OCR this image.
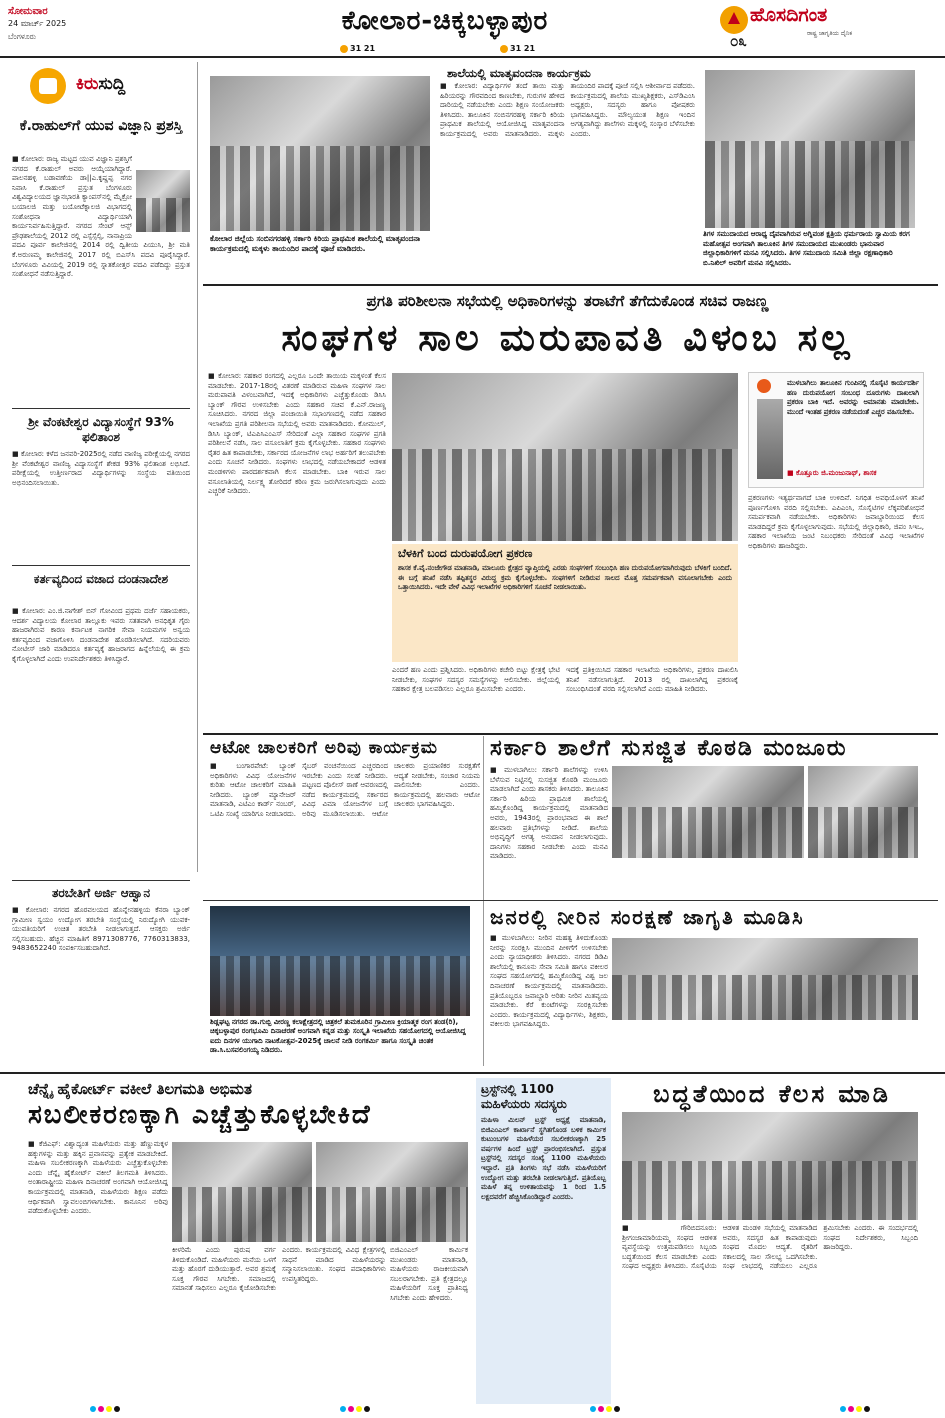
ಸೋಮವಾರ
24 ಮಾರ್ಚ್ 2025
ಬೆಂಗಳೂರು
ಕೋಲಾರ-ಚಿಕ್ಕಬಳ್ಳಾಪುರ
31 21	31 21
ಹೊಸದಿಗಂತ
ರಾಷ್ಟ್ರ ಜಾಗೃತಿಯ ದೈನಿಕ
೦೩
ಕಿರುಸುದ್ದಿ
ಕೆ.ರಾಹುಲ್‌ಗೆ ಯುವ ವಿಜ್ಞಾನಿ ಪ್ರಶಸ್ತಿ
■ ಕೋಲಾರ: ರಾಜ್ಯ ಮಟ್ಟದ ಯುವ ವಿಜ್ಞಾನಿ ಪ್ರಶಸ್ತಿಗೆ ನಗರದ ಕೆ.ರಾಹುಲ್ ಅವರು ಆಯ್ಕೆಯಾಗಿದ್ದಾರೆ. ಪಾಲನಹಳ್ಳಿ ಬಡಾವಣೆಯ ಡಾ||ಎ.ಕೃಷ್ಣಪ್ಪ ನಗರ ನಿವಾಸಿ ಕೆ.ರಾಹುಲ್ ಪ್ರಸ್ತುತ ಬೆಂಗಳೂರು ವಿಶ್ವವಿದ್ಯಾಲಯದ ಜ್ಞಾನಭಾರತಿ ಕ್ಯಾಂಪಸ್‌ನಲ್ಲಿ ಮೈಕ್ರೋ ಬಯಾಲಜಿ ಮತ್ತು ಬಯೋಟೆಕ್ನಾಲಜಿ ವಿಭಾಗದಲ್ಲಿ ಸಂಶೋಧನಾ ವಿದ್ಯಾರ್ಥಿಯಾಗಿ ಕಾರ್ಯನಿರ್ವಹಿಸುತ್ತಿದ್ದಾರೆ. ನಗರದ ಸೇಂಟ್ ಆನ್ಸ್ ಪ್ರೌಢಶಾಲೆಯಲ್ಲಿ 2012 ರಲ್ಲಿ ಎಸ್ಸೆಸ್ಸೆಲ್ಸಿ, ನಾನಾಪ್ರಿಯ ಪದವಿ ಪೂರ್ವ ಕಾಲೇಜಿನಲ್ಲಿ 2014 ರಲ್ಲಿ ದ್ವಿತೀಯ ಪಿಯುಸಿ, ಶ್ರೀ ಮತಿ ಕೆ.ಅರುಣಮ್ಮ ಕಾಲೇಜಿನಲ್ಲಿ 2017 ರಲ್ಲಿ ಬಿಎಸ್‌ಸಿ ಪದವಿ ಪೂರೈಸಿದ್ದಾರೆ. ಬೆಂಗಳೂರು ವಿವಿಯಲ್ಲಿ 2019 ರಲ್ಲಿ ಸ್ನಾತಕೋತ್ತರ ಪದವಿ ಪಡೆದಿದ್ದು ಪ್ರಸ್ತುತ ಸಂಶೋಧನೆ ನಡೆಸುತ್ತಿದ್ದಾರೆ.
ಶ್ರೀ ವೆಂಕಟೇಶ್ವರ ವಿದ್ಯಾಸಂಸ್ಥೆಗೆ 93% ಫಲಿತಾಂಶ
■ ಕೋಲಾರ: ಕಳೆದ ಜನವರಿ-2025ರಲ್ಲಿ ನಡೆದ ವಾಣಿಜ್ಯ ಪರೀಕ್ಷೆಯಲ್ಲಿ ನಗರದ ಶ್ರೀ ವೆಂಕಟೇಶ್ವರ ವಾಣಿಜ್ಯ ವಿದ್ಯಾಸಂಸ್ಥೆಗೆ ಶೇಕಡ 93% ಫಲಿತಾಂಶ ಲಭಿಸಿದೆ. ಪರೀಕ್ಷೆಯಲ್ಲಿ ಉತ್ತೀರ್ಣರಾದ ವಿದ್ಯಾರ್ಥಿಗಳನ್ನು ಸಂಸ್ಥೆಯ ವತಿಯಿಂದ ಅಭಿನಂದಿಸಲಾಯಿತು.
ಕರ್ತವ್ಯದಿಂದ ವಜಾದ ದಂಡನಾದೇಶ
■ ಕೋಲಾರ: ಎಂ.ಜಿ.ನಾಗೇಶ್ ಬಿನ್ ಗೋವಿಂದ ಪ್ರಥಮ ದರ್ಜೆ ಸಹಾಯಕರು, ಆದರ್ಶ ವಿದ್ಯಾಲಯ ಕೋಲಾರ ತಾಲ್ಲೂಕು ಇವರು ಸತತವಾಗಿ ಅನಧಿಕೃತ ಗೈರು ಹಾಜರಾಗಿರುವ ಕಾರಣ ಕರ್ನಾಟಕ ನಾಗರಿಕ ಸೇವಾ ನಿಯಮಗಳ ಅನ್ವಯ ಕರ್ತವ್ಯದಿಂದ ವಜಾಗೊಳಿಸಿ ದಂಡನಾದೇಶ ಹೊರಡಿಸಲಾಗಿದೆ. ಸದರಿಯವರು ನೋಟೀಸ್ ಜಾರಿ ಮಾಡಿದರೂ ಕರ್ತವ್ಯಕ್ಕೆ ಹಾಜರಾಗದ ಹಿನ್ನೆಲೆಯಲ್ಲಿ ಈ ಕ್ರಮ ಕೈಗೊಳ್ಳಲಾಗಿದೆ ಎಂದು ಉಪನಿರ್ದೇಶಕರು ತಿಳಿಸಿದ್ದಾರೆ.
ತರಬೇತಿಗೆ ಅರ್ಜಿ ಆಹ್ವಾನ
■ ಕೋಲಾರ: ನಗರದ ಹೊರವಲಯದ ಹೊನ್ನೇನಹಳ್ಳಿಯ ಕೆನರಾ ಬ್ಯಾಂಕ್ ಗ್ರಾಮೀಣ ಸ್ವಯಂ ಉದ್ಯೋಗ ತರಬೇತಿ ಸಂಸ್ಥೆಯಲ್ಲಿ ನಿರುದ್ಯೋಗಿ ಯುವಕ-ಯುವತಿಯರಿಗೆ ಉಚಿತ ತರಬೇತಿ ನೀಡಲಾಗುತ್ತದೆ. ಆಸಕ್ತರು ಅರ್ಜಿ ಸಲ್ಲಿಸಬಹುದು. ಹೆಚ್ಚಿನ ಮಾಹಿತಿಗೆ 8971308776, 7760313833, 9483652240 ಸಂಪರ್ಕಿಸಬಹುದಾಗಿದೆ.
ಕೋಲಾರ ಜಿಲ್ಲೆಯ ಸಂಬಿನಗರಹಳ್ಳಿ ಸರ್ಕಾರಿ ಕಿರಿಯ ಪ್ರಾಥಮಿಕ ಶಾಲೆಯಲ್ಲಿ ಮಾತೃವಂದನಾ ಕಾರ್ಯಕ್ರಮದಲ್ಲಿ ಮಕ್ಕಳು ತಾಯಂದಿರ ಪಾದಕ್ಕೆ ಪೂಜೆ ಮಾಡಿದರು.
ಶಾಲೆಯಲ್ಲಿ ಮಾತೃವಂದನಾ ಕಾರ್ಯಕ್ರಮ
■ ಕೋಲಾರ: ವಿದ್ಯಾರ್ಥಿಗಳ ತಂದೆ ತಾಯಿ ಮತ್ತು ಹಿರಿಯರನ್ನು ಗೌರವದಿಂದ ಕಾಣಬೇಕು, ಗುರುಗಳ ಹೇಳಿದ ದಾರಿಯಲ್ಲಿ ನಡೆಯಬೇಕು ಎಂದು ಶಿಕ್ಷಣ ಸಂಯೋಜಕರು ತಿಳಿಸಿದರು. ತಾಲೂಕಿನ ಸಂಬಿನಗರಹಳ್ಳಿ ಸರ್ಕಾರಿ ಕಿರಿಯ ಪ್ರಾಥಮಿಕ ಶಾಲೆಯಲ್ಲಿ ಆಯೋಜಿಸಿದ್ದ ಮಾತೃವಂದನಾ ಕಾರ್ಯಕ್ರಮದಲ್ಲಿ ಅವರು ಮಾತನಾಡಿದರು. ಮಕ್ಕಳು ತಾಯಂದಿರ ಪಾದಕ್ಕೆ ಪೂಜೆ ಸಲ್ಲಿಸಿ ಆಶೀರ್ವಾದ ಪಡೆದರು. ಕಾರ್ಯಕ್ರಮದಲ್ಲಿ ಶಾಲೆಯ ಮುಖ್ಯಶಿಕ್ಷಕರು, ಎಸ್‌ಡಿಎಂಸಿ ಅಧ್ಯಕ್ಷರು, ಸದಸ್ಯರು ಹಾಗೂ ಪೋಷಕರು ಭಾಗವಹಿಸಿದ್ದರು. ಮೌಲ್ಯಯುತ ಶಿಕ್ಷಣ ಇಂದಿನ ಅಗತ್ಯವಾಗಿದ್ದು ಶಾಲೆಗಳು ಮಕ್ಕಳಲ್ಲಿ ಸಂಸ್ಕಾರ ಬೆಳೆಸಬೇಕು ಎಂದರು.
ತಿಗಳ ಸಮುದಾಯದ ಆರಾಧ್ಯ ದೈವವಾಗಿರುವ ಅಗ್ನಿವಂಶ ಕ್ಷತ್ರಿಯ ಧರ್ಮರಾಯ ಸ್ವಾಮಿಯ ಕರಗ ಮಹೋತ್ಸವ ಅಂಗವಾಗಿ ತಾಲೂಕಿನ ತಿಗಳ ಸಮುದಾಯದ ಮುಖಂಡರು ಭಾನುವಾರ ಜಿಲ್ಲಾಧಿಕಾರಿಗಳಿಗೆ ಮನವಿ ಸಲ್ಲಿಸಿದರು. ತಿಗಳ ಸಮುದಾಯ ಸಮಿತಿ ಜಿಲ್ಲಾ ರಕ್ಷಣಾಧಿಕಾರಿ ಬಿ.ನಿಖಿಲ್ ಅವರಿಗೆ ಮನವಿ ಸಲ್ಲಿಸಿದರು.
ಪ್ರಗತಿ ಪರಿಶೀಲನಾ ಸಭೆಯಲ್ಲಿ ಅಧಿಕಾರಿಗಳನ್ನು ತರಾಟೆಗೆ ತೆಗೆದುಕೊಂಡ ಸಚಿವ ರಾಜಣ್ಣ
ಸಂಘಗಳ ಸಾಲ ಮರುಪಾವತಿ ವಿಳಂಬ ಸಲ್ಲ
■ ಕೋಲಾರ: ಸಹಕಾರ ರಂಗದಲ್ಲಿ ಎಲ್ಲರೂ ಒಂದೇ ತಾಯಿಯ ಮಕ್ಕಳಂತೆ ಕೆಲಸ ಮಾಡಬೇಕು. 2017-18ರಲ್ಲಿ ವಿತರಣೆ ಮಾಡಿರುವ ಮಹಿಳಾ ಸಂಘಗಳ ಸಾಲ ಮರುಪಾವತಿ ವಿಳಂಬವಾಗಿದೆ, ಇದಕ್ಕೆ ಅಧಿಕಾರಿಗಳು ಎಚ್ಚೆತ್ತುಕೊಂಡು ಡಿಸಿಸಿ ಬ್ಯಾಂಕ್ ಗೌರವ ಉಳಿಸಬೇಕು ಎಂದು ಸಹಕಾರ ಸಚಿವ ಕೆ.ಎನ್.ರಾಜಣ್ಣ ಸೂಚಿಸಿದರು. ನಗರದ ಜಿಲ್ಲಾ ಪಂಚಾಯಿತಿ ಸಭಾಂಗಣದಲ್ಲಿ ನಡೆದ ಸಹಕಾರ ಇಲಾಖೆಯ ಪ್ರಗತಿ ಪರಿಶೀಲನಾ ಸಭೆಯಲ್ಲಿ ಅವರು ಮಾತನಾಡಿದರು. ಕೋಮುಲ್, ಡಿಸಿಸಿ ಬ್ಯಾಂಕ್, ಟಿಎಪಿಸಿಎಂಎಸ್ ಸೇರಿದಂತೆ ಎಲ್ಲಾ ಸಹಕಾರ ಸಂಘಗಳ ಪ್ರಗತಿ ಪರಿಶೀಲನೆ ನಡೆಸಿ, ಸಾಲ ವಸೂಲಾತಿಗೆ ಕ್ರಮ ಕೈಗೊಳ್ಳಬೇಕು. ಸಹಕಾರ ಸಂಘಗಳು ರೈತರ ಹಿತ ಕಾಪಾಡಬೇಕು, ಸರ್ಕಾರದ ಯೋಜನೆಗಳ ಲಾಭ ಅರ್ಹರಿಗೆ ತಲುಪಬೇಕು ಎಂದು ಸೂಚನೆ ನೀಡಿದರು. ಸಂಘಗಳು ಲಾಭದಲ್ಲಿ ನಡೆಯಬೇಕಾದರೆ ಆಡಳಿತ ಮಂಡಳಿಗಳು ಪಾರದರ್ಶಕವಾಗಿ ಕೆಲಸ ಮಾಡಬೇಕು. ಬಾಕಿ ಇರುವ ಸಾಲ ವಸೂಲಾತಿಯಲ್ಲಿ ನಿರ್ಲಕ್ಷ್ಯ ತೋರಿದರೆ ಕಠಿಣ ಕ್ರಮ ಜರುಗಿಸಲಾಗುವುದು ಎಂದು ಎಚ್ಚರಿಕೆ ನೀಡಿದರು.
ಬೆಳಕಿಗೆ ಬಂದ ದುರುಪಯೋಗ ಪ್ರಕರಣ
ಶಾಸಕ ಕೆ.ವೈ.ನಂಜೇಗೌಡ ಮಾತನಾಡಿ, ಮಾಲೂರು ಕ್ಷೇತ್ರದ ವ್ಯಾಪ್ತಿಯಲ್ಲಿ ಎರಡು ಸಂಘಗಳಿಗೆ ಸಂಬಂಧಿಸಿ ಹಣ ದುರುಪಯೋಗವಾಗಿರುವುದು ಬೆಳಕಿಗೆ ಬಂದಿದೆ. ಈ ಬಗ್ಗೆ ತನಿಖೆ ನಡೆಸಿ ತಪ್ಪಿತಸ್ಥರ ವಿರುದ್ಧ ಕ್ರಮ ಕೈಗೊಳ್ಳಬೇಕು. ಸಂಘಗಳಿಗೆ ನೀಡಿರುವ ಸಾಲದ ಮೊತ್ತ ಸಮರ್ಪಕವಾಗಿ ವಸೂಲಾಗಬೇಕು ಎಂದು ಒತ್ತಾಯಿಸಿದರು. ಇದೇ ವೇಳೆ ವಿವಿಧ ಇಲಾಖೆಗಳ ಅಧಿಕಾರಿಗಳಿಗೆ ಸೂಚನೆ ನೀಡಲಾಯಿತು.
ಮುಳಬಾಗಿಲು ತಾಲೂಕಿನ ಗುಂಪಿನಲ್ಲಿ ಸೊಸೈಟಿ ಕಾರ್ಯದರ್ಶಿ ಹಣ ದುರುಪಯೋಗ ಸಂಬಂಧ ದೂರುಗಳು ದಾಖಲಾಗಿ ಪ್ರಕರಣ ಬಾಕಿ ಇದೆ. ಅವರನ್ನು ಅಮಾನತು ಮಾಡಬೇಕು. ಮುಂದೆ ಇಂತಹ ಪ್ರಕರಣ ನಡೆಯದಂತೆ ಎಚ್ಚರ ವಹಿಸಬೇಕು.
■ ಕೊತ್ತೂರು ಜಿ.ಮಂಜುನಾಥ್, ಶಾಸಕ
ಪ್ರಕರಣಗಳು ಇತ್ಯರ್ಥವಾಗದೆ ಬಾಕಿ ಉಳಿದಿವೆ. ನಿಗಧಿತ ಅವಧಿಯೊಳಗೆ ತನಿಖೆ ಪೂರ್ಣಗೊಳಿಸಿ ವರದಿ ಸಲ್ಲಿಸಬೇಕು. ಎಪಿಎಂಸಿ, ಸೊಸೈಟಿಗಳ ಲೆಕ್ಕಪರಿಶೋಧನೆ ಸಮರ್ಪಕವಾಗಿ ನಡೆಯಬೇಕು. ಅಧಿಕಾರಿಗಳು ಜವಾಬ್ದಾರಿಯಿಂದ ಕೆಲಸ ಮಾಡದಿದ್ದರೆ ಕ್ರಮ ಕೈಗೊಳ್ಳಲಾಗುವುದು. ಸಭೆಯಲ್ಲಿ ಜಿಲ್ಲಾಧಿಕಾರಿ, ಜಿಪಂ ಸಿಇಒ, ಸಹಕಾರ ಇಲಾಖೆಯ ಜಂಟಿ ನಿಬಂಧಕರು ಸೇರಿದಂತೆ ವಿವಿಧ ಇಲಾಖೆಗಳ ಅಧಿಕಾರಿಗಳು ಹಾಜರಿದ್ದರು.
ಎಂದರೆ ಹಣ ಎಂದು ಪ್ರಶ್ನಿಸಿದರು. ಅಧಿಕಾರಿಗಳು ಕಚೇರಿ ಬಿಟ್ಟು ಕ್ಷೇತ್ರಕ್ಕೆ ಭೇಟಿ ನೀಡಬೇಕು, ಸಂಘಗಳ ಸದಸ್ಯರ ಸಮಸ್ಯೆಗಳನ್ನು ಆಲಿಸಬೇಕು. ಜಿಲ್ಲೆಯಲ್ಲಿ ಸಹಕಾರ ಕ್ಷೇತ್ರ ಬಲಪಡಿಸಲು ಎಲ್ಲರೂ ಶ್ರಮಿಸಬೇಕು ಎಂದರು.
ಇದಕ್ಕೆ ಪ್ರತಿಕ್ರಿಯಿಸಿದ ಸಹಕಾರ ಇಲಾಖೆಯ ಅಧಿಕಾರಿಗಳು, ಪ್ರಕರಣ ದಾಖಲಿಸಿ ತನಿಖೆ ನಡೆಸಲಾಗುತ್ತಿದೆ. 2013 ರಲ್ಲಿ ದಾಖಲಾಗಿದ್ದ ಪ್ರಕರಣಕ್ಕೆ ಸಂಬಂಧಿಸಿದಂತೆ ವರದಿ ಸಲ್ಲಿಸಲಾಗಿದೆ ಎಂದು ಮಾಹಿತಿ ನೀಡಿದರು.
ಆಟೋ ಚಾಲಕರಿಗೆ ಅರಿವು ಕಾರ್ಯಕ್ರಮ
■ ಬಂಗಾರಪೇಟೆ: ಬ್ಯಾಂಕ್ ಅಧಿಕಾರಿಗಳು ವಿವಿಧ ಯೋಜನೆಗಳ ಕುರಿತು ಆಟೋ ಚಾಲಕರಿಗೆ ಮಾಹಿತಿ ನೀಡಿದರು. ಬ್ಯಾಂಕ್ ಮ್ಯಾನೇಜರ್ ಮಾತನಾಡಿ, ಎಟಿಎಂ ಕಾರ್ಡ್ ನಂಬರ್, ಒಟಿಪಿ ಸಂಖ್ಯೆ ಯಾರಿಗೂ ನೀಡಬಾರದು. ಸೈಬರ್ ವಂಚನೆಯಿಂದ ಎಚ್ಚರದಿಂದ ಇರಬೇಕು ಎಂದು ಸಲಹೆ ನೀಡಿದರು. ಪಟ್ಟಣದ ಪೊಲೀಸ್ ಠಾಣೆ ಆವರಣದಲ್ಲಿ ನಡೆದ ಕಾರ್ಯಕ್ರಮದಲ್ಲಿ ಸರ್ಕಾರದ ವಿವಿಧ ವಿಮಾ ಯೋಜನೆಗಳ ಬಗ್ಗೆ ಅರಿವು ಮೂಡಿಸಲಾಯಿತು. ಆಟೋ ಚಾಲಕರು ಪ್ರಯಾಣಿಕರ ಸುರಕ್ಷತೆಗೆ ಆದ್ಯತೆ ನೀಡಬೇಕು, ಸಂಚಾರ ನಿಯಮ ಪಾಲಿಸಬೇಕು ಎಂದರು. ಕಾರ್ಯಕ್ರಮದಲ್ಲಿ ಹಲವಾರು ಆಟೋ ಚಾಲಕರು ಭಾಗವಹಿಸಿದ್ದರು.
ಸರ್ಕಾರಿ ಶಾಲೆಗೆ ಸುಸಜ್ಜಿತ ಕೊಠಡಿ ಮಂಜೂರು
■ ಮುಳಬಾಗಿಲು: ಸರ್ಕಾರಿ ಶಾಲೆಗಳನ್ನು ಉಳಿಸಿ ಬೆಳೆಸುವ ನಿಟ್ಟಿನಲ್ಲಿ ಸುಸಜ್ಜಿತ ಕೊಠಡಿ ಮಂಜೂರು ಮಾಡಲಾಗಿದೆ ಎಂದು ಶಾಸಕರು ತಿಳಿಸಿದರು. ತಾಲೂಕಿನ ಸರ್ಕಾರಿ ಹಿರಿಯ ಪ್ರಾಥಮಿಕ ಶಾಲೆಯಲ್ಲಿ ಹಮ್ಮಿಕೊಂಡಿದ್ದ ಕಾರ್ಯಕ್ರಮದಲ್ಲಿ ಮಾತನಾಡಿದ ಅವರು, 1943ರಲ್ಲಿ ಪ್ರಾರಂಭವಾದ ಈ ಶಾಲೆ ಹಲವಾರು ಪ್ರತಿಭೆಗಳನ್ನು ನೀಡಿದೆ. ಶಾಲೆಯ ಅಭಿವೃದ್ಧಿಗೆ ಅಗತ್ಯ ಅನುದಾನ ನೀಡಲಾಗುವುದು. ದಾನಿಗಳು ಸಹಕಾರ ನೀಡಬೇಕು ಎಂದು ಮನವಿ ಮಾಡಿದರು.
ಶಿಡ್ಲಘಟ್ಟ ನಗರದ ಡಾ.ಗುಬ್ಬಿ ವೀರಣ್ಣ ಕಲಾಕ್ಷೇತ್ರದಲ್ಲಿ ಚಿತ್ರಕಲೆ ತುಮಕೂರಿನ ಗ್ರಾಮೀಣ ಕ್ರಿಯಾತ್ಮಕ ರಂಗ ತಂಡ(ರಿ), ಚಿಕ್ಕಬಳ್ಳಾಪುರ ರಂಗಭೂಮಿ ದಿನಾಚರಣೆ ಅಂಗವಾಗಿ ಕನ್ನಡ ಮತ್ತು ಸಂಸ್ಕೃತಿ ಇಲಾಖೆಯ ಸಹಯೋಗದಲ್ಲಿ ಆಯೋಜಿಸಿದ್ದ ಐದು ದಿನಗಳ ಯುಗಾದಿ ನಾಟಕೋತ್ಸವ-2025ಕ್ಕೆ ಚಾಲನೆ ನೀಡಿ ರಂಗಕರ್ಮಿ ಹಾಗೂ ಸಂಸ್ಕೃತಿ ಚಿಂತಕ ಡಾ.ಸಿ.ಬಸವಲಿಂಗಯ್ಯ ನಿಡಿದರು.
ಜನರಲ್ಲಿ ನೀರಿನ ಸಂರಕ್ಷಣೆ ಜಾಗೃತಿ ಮೂಡಿಸಿ
■ ಮುಳಬಾಗಿಲು: ನೀರಿನ ಮಹತ್ವ ತಿಳಿದುಕೊಂಡು ನೀರನ್ನು ಸಂರಕ್ಷಿಸಿ ಮುಂದಿನ ಪೀಳಿಗೆಗೆ ಉಳಿಸಬೇಕು ಎಂದು ನ್ಯಾಯಾಧೀಶರು ತಿಳಿಸಿದರು. ನಗರದ ಡಿಡಿಪಿ ಶಾಲೆಯಲ್ಲಿ ಕಾನೂನು ಸೇವಾ ಸಮಿತಿ ಹಾಗೂ ವಕೀಲರ ಸಂಘದ ಸಹಯೋಗದಲ್ಲಿ ಹಮ್ಮಿಕೊಂಡಿದ್ದ ವಿಶ್ವ ಜಲ ದಿನಾಚರಣೆ ಕಾರ್ಯಕ್ರಮದಲ್ಲಿ ಮಾತನಾಡಿದರು. ಪ್ರತಿಯೊಬ್ಬರೂ ಜವಾಬ್ದಾರಿ ಅರಿತು ನೀರಿನ ಮಿತವ್ಯಯ ಮಾಡಬೇಕು. ಕೆರೆ ಕುಂಟೆಗಳನ್ನು ಸಂರಕ್ಷಿಸಬೇಕು ಎಂದರು. ಕಾರ್ಯಕ್ರಮದಲ್ಲಿ ವಿದ್ಯಾರ್ಥಿಗಳು, ಶಿಕ್ಷಕರು, ವಕೀಲರು ಭಾಗವಹಿಸಿದ್ದರು.
ಚೆನ್ನೈ ಹೈಕೋರ್ಟ್ ವಕೀಲೆ ತಿಲಗಮತಿ ಅಭಿಮತ
ಸಬಲೀಕರಣಕ್ಕಾಗಿ ಎಚ್ಚೆತ್ತುಕೊಳ್ಳಬೇಕಿದೆ
■ ಕೆಜಿಎಫ್: ವಿಶ್ವಾದ್ಯಂತ ಮಹಿಳೆಯರು ಮತ್ತು ಹೆಣ್ಣುಮಕ್ಕಳ ಹಕ್ಕುಗಳನ್ನು ಮತ್ತು ಹಕ್ಕಿನ ಪ್ರವಾಸವನ್ನು ಪ್ರತ್ಯೇಕ ಮಾಡಬೇಕಿದೆ. ಮಹಿಳಾ ಸಬಲೀಕರಣಕ್ಕಾಗಿ ಮಹಿಳೆಯರು ಎಚ್ಚೆತ್ತುಕೊಳ್ಳಬೇಕು ಎಂದು ಚೆನ್ನೈ ಹೈಕೋರ್ಟ್ ವಕೀಲೆ ತಿಲಗಮತಿ ತಿಳಿಸಿದರು. ಅಂತಾರಾಷ್ಟ್ರೀಯ ಮಹಿಳಾ ದಿನಾಚರಣೆ ಅಂಗವಾಗಿ ಆಯೋಜಿಸಿದ್ದ ಕಾರ್ಯಕ್ರಮದಲ್ಲಿ ಮಾತನಾಡಿ, ಮಹಿಳೆಯರು ಶಿಕ್ಷಣ ಪಡೆದು ಆರ್ಥಿಕವಾಗಿ ಸ್ವಾವಲಂಬಿಗಳಾಗಬೇಕು. ಕಾನೂನಿನ ಅರಿವು ಪಡೆದುಕೊಳ್ಳಬೇಕು ಎಂದರು.
ಕೀಳರಿಮೆ ಎಂದು ಪುರುಷ ವರ್ಗ ತಿಳಿದುಕೊಂಡಿದೆ. ಮಹಿಳೆಯರು ಮನೆಯ ಒಳಗೆ ಮತ್ತು ಹೊರಗೆ ದುಡಿಯುತ್ತಾರೆ. ಅವರ ಶ್ರಮಕ್ಕೆ ಸೂಕ್ತ ಗೌರವ ಸಿಗಬೇಕು. ಸಮಾಜದಲ್ಲಿ ಸಮಾನತೆ ಸಾಧಿಸಲು ಎಲ್ಲರೂ ಕೈಜೋಡಿಸಬೇಕು ಎಂದರು. ಕಾರ್ಯಕ್ರಮದಲ್ಲಿ ವಿವಿಧ ಕ್ಷೇತ್ರಗಳಲ್ಲಿ ಸಾಧನೆ ಮಾಡಿದ ಮಹಿಳೆಯರನ್ನು ಸನ್ಮಾನಿಸಲಾಯಿತು. ಸಂಘದ ಪದಾಧಿಕಾರಿಗಳು ಉಪಸ್ಥಿತರಿದ್ದರು.
ಬಿಜಿಎಂಎಲ್ ಕಾರ್ಮಿಕ ಮುಖಂಡರು ಮಾತನಾಡಿ, ಮಹಿಳೆಯರು ರಾಜಕೀಯವಾಗಿ ಸಬಲರಾಗಬೇಕು. ಪ್ರತಿ ಕ್ಷೇತ್ರದಲ್ಲೂ ಮಹಿಳೆಯರಿಗೆ ಸೂಕ್ತ ಪ್ರಾತಿನಿಧ್ಯ ಸಿಗಬೇಕು ಎಂದು ಹೇಳಿದರು.
ಟ್ರಸ್ಟ್‌ನಲ್ಲಿ 1100 ಮಹಿಳೆಯರು ಸದಸ್ಯರು
ಮಹಿಳಾ ಮಿಲನ್ ಟ್ರಸ್ಟ್ ಅಧ್ಯಕ್ಷೆ ಮಾತನಾಡಿ, ಬಿಜಿಎಂಎಲ್ ಕಾರ್ಖಾನೆ ಸ್ಥಗಿತಗೊಂಡ ಬಳಿಕ ಕಾರ್ಮಿಕ ಕುಟುಂಬಗಳ ಮಹಿಳೆಯರ ಸಬಲೀಕರಣಕ್ಕಾಗಿ 25 ವರ್ಷಗಳ ಹಿಂದೆ ಟ್ರಸ್ಟ್ ಪ್ರಾರಂಭಿಸಲಾಗಿದೆ. ಪ್ರಸ್ತುತ ಟ್ರಸ್ಟ್‌ನಲ್ಲಿ ಸದಸ್ಯರ ಸಂಖ್ಯೆ 1100 ಮಹಿಳೆಯರು ಇದ್ದಾರೆ. ಪ್ರತಿ ತಿಂಗಳು ಸಭೆ ನಡೆಸಿ ಮಹಿಳೆಯರಿಗೆ ಉದ್ಯೋಗ ಮತ್ತು ತರಬೇತಿ ನೀಡಲಾಗುತ್ತಿದೆ. ಪ್ರತಿಯೊಬ್ಬ ಮಹಿಳೆ ತನ್ನ ಉಳಿತಾಯವನ್ನು 1 ರಿಂದ 1.5 ಲಕ್ಷದವರೆಗೆ ಹೆಚ್ಚಿಸಿಕೊಂಡಿದ್ದಾರೆ ಎಂದರು.
ಬದ್ಧತೆಯಿಂದ ಕೆಲಸ ಮಾಡಿ
■ ಗೌರಿಬಿದನೂರು: ಶ್ರೀಗಂಜಾಮಾರಿಯಮ್ಮ ಸಂಘದ ಆಡಳಿತ ವ್ಯವಸ್ಥೆಯನ್ನು ಉತ್ತಮಪಡಿಸಲು ಸಿಬ್ಬಂದಿ ಬದ್ಧತೆಯಿಂದ ಕೆಲಸ ಮಾಡಬೇಕು ಎಂದು ಸಂಘದ ಅಧ್ಯಕ್ಷರು ತಿಳಿಸಿದರು. ಸೊಸೈಟಿಯ ಆಡಳಿತ ಮಂಡಳಿ ಸಭೆಯಲ್ಲಿ ಮಾತನಾಡಿದ ಅವರು, ಸದಸ್ಯರ ಹಿತ ಕಾಪಾಡುವುದು ಸಂಘದ ಮೊದಲ ಆದ್ಯತೆ. ರೈತರಿಗೆ ಸಕಾಲದಲ್ಲಿ ಸಾಲ ಸೌಲಭ್ಯ ಒದಗಿಸಬೇಕು. ಸಂಘ ಲಾಭದಲ್ಲಿ ನಡೆಯಲು ಎಲ್ಲರೂ ಶ್ರಮಿಸಬೇಕು ಎಂದರು. ಈ ಸಂದರ್ಭದಲ್ಲಿ ಸಂಘದ ನಿರ್ದೇಶಕರು, ಸಿಬ್ಬಂದಿ ಹಾಜರಿದ್ದರು.
